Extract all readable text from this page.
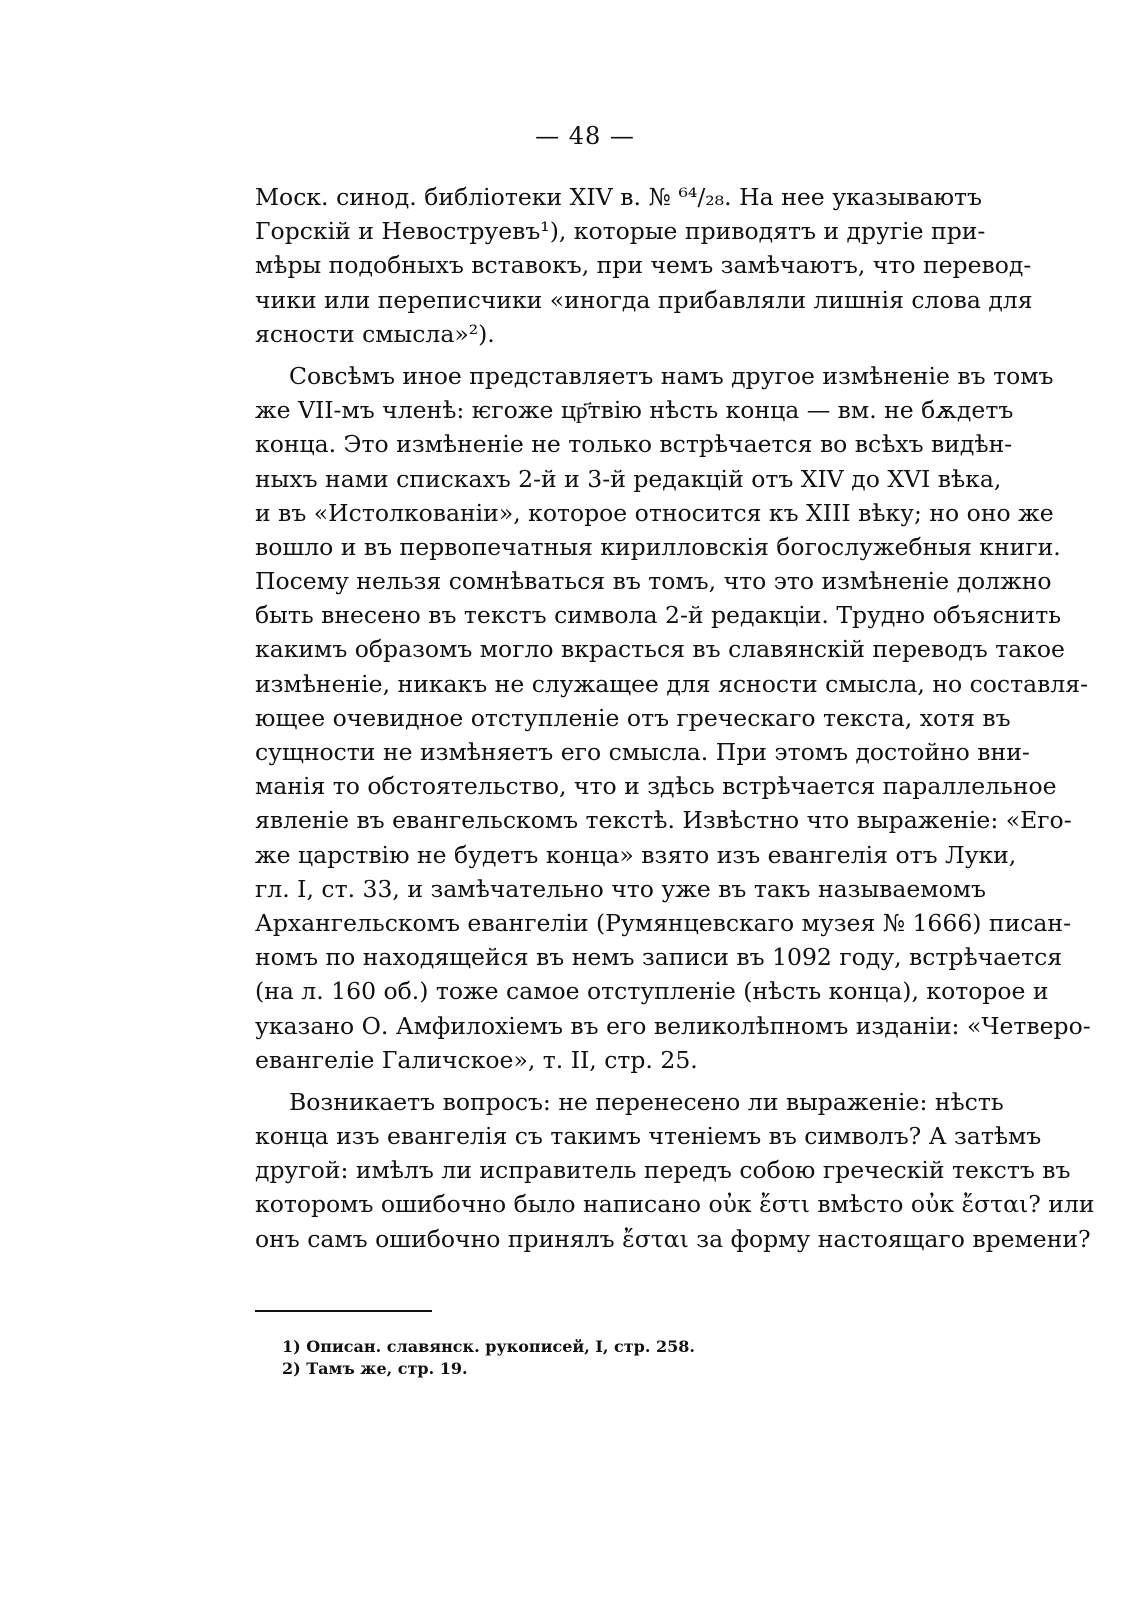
— 48 —
Моск. синод. библіотеки XIV в. № ⁶⁴/₂₈. На нее указываютъ
Горскій и Невоструевъ¹), которые приводятъ и другіе при-
мѣры подобныхъ вставокъ, при чемъ замѣчаютъ, что перевод-
чики или переписчики «иногда прибавляли лишнія слова для
ясности смысла»²).
Совсѣмъ иное представляетъ намъ другое измѣненіе въ томъ
же VII-мъ членѣ: ѥгоже цр҃твію нѣсть конца — вм. не бѫдетъ
конца. Это измѣненіе не только встрѣчается во всѣхъ видѣн-
ныхъ нами спискахъ 2-й и 3-й редакцій отъ XIV до XVI вѣка,
и въ «Истолкованіи», которое относится къ XIII вѣку; но оно же
вошло и въ первопечатныя кирилловскія богослужебныя книги.
Посему нельзя сомнѣваться въ томъ, что это измѣненіе должно
быть внесено въ текстъ символа 2-й редакціи. Трудно объяснить
какимъ образомъ могло вкрасться въ славянскій переводъ такое
измѣненіе, никакъ не служащее для ясности смысла, но составля-
ющее очевидное отступленіе отъ греческаго текста, хотя въ
сущности не измѣняетъ его смысла. При этомъ достойно вни-
манія то обстоятельство, что и здѣсь встрѣчается параллельное
явленіе въ евангельскомъ текстѣ. Извѣстно что выраженіе: «Его-
же царствію не будетъ конца» взято изъ евангелія отъ Луки,
гл. I, ст. 33, и замѣчательно что уже въ такъ называемомъ
Архангельскомъ евангеліи (Румянцевскаго музея № 1666) писан-
номъ по находящейся въ немъ записи въ 1092 году, встрѣчается
(на л. 160 об.) тоже самое отступленіе (нѣсть конца), которое и
указано О. Амфилохіемъ въ его великолѣпномъ изданіи: «Четверо-
евангеліе Галичское», т. II, стр. 25.
Возникаетъ вопросъ: не перенесено ли выраженіе: нѣсть
конца изъ евангелія съ такимъ чтеніемъ въ символъ? А затѣмъ
другой: имѣлъ ли исправитель передъ собою греческій текстъ въ
которомъ ошибочно было написано οὐκ ἔστι вмѣсто οὐκ ἔσται? или
онъ самъ ошибочно принялъ ἔσται за форму настоящаго времени?
1) Описан. славянск. рукописей, I, стр. 258.
2) Тамъ же, стр. 19.
